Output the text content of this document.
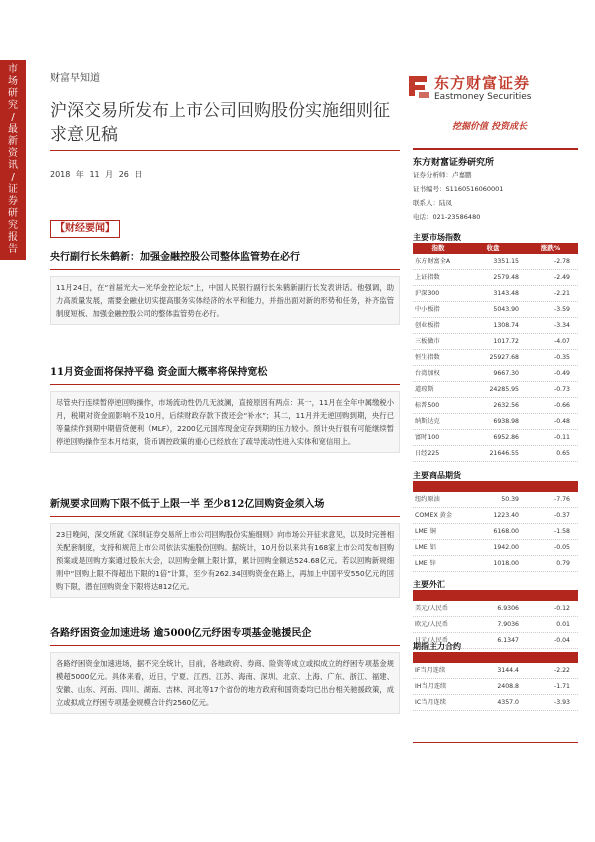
市
场
研
究
/
最
新
资
讯
/
证
券
研
究
报
告
财富早知道
沪深交易所发布上市公司回购股份实施细则征求意见稿
2018 年 11 月 26 日
东方财富证券
Eastmoney Securities
挖掘价值 投资成长
【财经要闻】
央行副行长朱鹤新：加强金融控股公司整体监管势在必行
11月24日，在“首届光大—光华金控论坛”上，中国人民银行副行长朱鹤新副行长发表讲话。他强调，助力高质量发展，需要金融业切实提高服务实体经济的水平和能力，并指出面对新的形势和任务，补齐监管制度短板、加强金融控股公司的整体监管势在必行。
11月资金面将保持平稳 资金面大概率将保持宽松
尽管央行连续暂停逆回购操作，市场流动性仍几无波澜，直接原因有两点：其一，11月在全年中属缴税小月，税期对资金面影响不及10月，后续财政存款下拨还会“补水”；其二，11月并无逆回购到期，央行已等量续作到期中期借贷便利（MLF），2200亿元国库现金定存到期的压力较小。预计央行很有可能继续暂停逆回购操作至本月结束，货币调控政策的重心已经放在了疏导流动性进入实体和宽信用上。
新规要求回购下限不低于上限一半 至少812亿回购资金须入场
23日晚间，深交所就《深圳证券交易所上市公司回购股份实施细则》向市场公开征求意见，以及时完善相关配套制度，支持和规范上市公司依法实施股份回购。据统计，10月份以来共有168家上市公司发布回购预案或是回购方案通过股东大会，以回购金额上限计算，累计回购金额达524.68亿元。若以回购新规细则中“回购上限不得超出下限的1倍”计算，至少有262.34回购资金在路上，再加上中国平安550亿元的回购下限，潜在回购资金下限将达812亿元。
各路纾困资金加速进场 逾5000亿元纾困专项基金驰援民企
各路纾困资金加速进场，据不完全统计，目前，各地政府、券商、险资等成立或拟成立的纾困专项基金规模超5000亿元。具体来看，近日，宁夏、江西、江苏、海南、深圳、北京、上海、广东、浙江、福建、安徽、山东、河南、四川、湖南、吉林、河北等17个省份的地方政府和国资委均已出台相关驰援政策，成立或拟成立纾困专项基金规模合计约2560亿元。
东方财富证券研究所
证券分析师：卢嘉鹏
证书编号：S1160516060001
联系人：陆凤
电话：021-23586480
主要市场指数
指数	收盘	涨跌%
东方财富全A	3351.15	-2.78
上证指数	2579.48	-2.49
沪深300	3143.48	-2.21
中小板指	5043.90	-3.59
创业板指	1308.74	-3.34
三板做市	1017.72	-4.07
恒生指数	25927.68	-0.35
台湾加权	9667.30	-0.49
道琼斯	24285.95	-0.73
标普500	2632.56	-0.66
纳斯达克	6938.98	-0.48
富时100	6952.86	-0.11
日经225	21646.55	0.65
主要商品期货
纽约原油	50.39	-7.76
COMEX 黄金	1223.40	-0.37
LME 铜	6168.00	-1.58
LME 铝	1942.00	-0.05
LME 锌	1018.00	0.79
主要外汇
美元/人民币	6.9306	-0.12
欧元/人民币	7.9036	0.01
日元/人民币	6.1347	-0.04
期指主力合约
IF当月连续	3144.4	-2.22
IH当月连续	2408.8	-1.71
IC当月连续	4357.0	-3.93
